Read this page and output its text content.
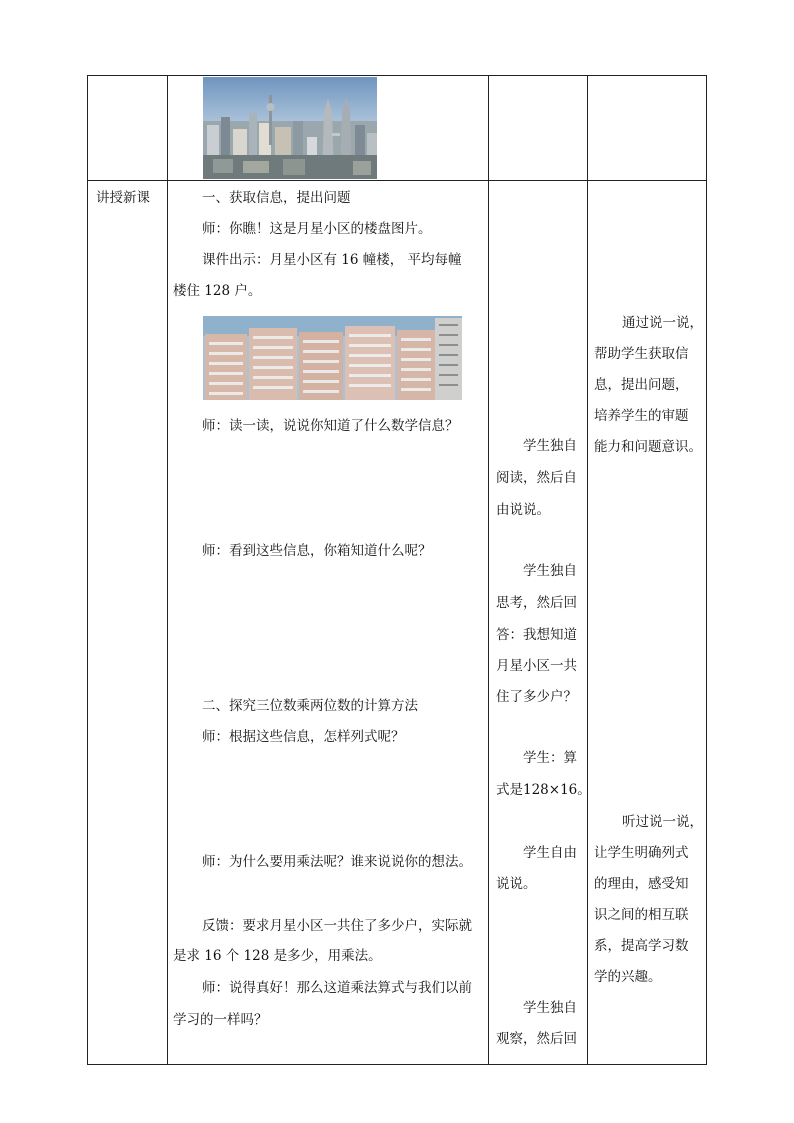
讲授新课	一、获取信息，提出问题
师：你瞧！这是月星小区的楼盘图片。
课件出示：月星小区有 16 幢楼， 平均每幢
楼住 128 户。
师：读一读，说说你知道了什么数学信息？
师：看到这些信息，你箱知道什么呢？
二、探究三位数乘两位数的计算方法
师：根据这些信息，怎样列式呢？
师：为什么要用乘法呢？谁来说说你的想法。
反馈：要求月星小区一共住了多少户，实际就
是求 16 个 128 是多少，用乘法。
师：说得真好！那么这道乘法算式与我们以前
学习的一样吗？
学生独自
阅读，然后自
由说说。
学生独自
思考，然后回
答：我想知道
月星小区一共
住了多少户？
学生：算
式是128×16。
学生自由
说说。
学生独自
观察，然后回
通过说一说，
帮助学生获取信
息，提出问题，
培养学生的审题
能力和问题意识。
听过说一说，
让学生明确列式
的理由，感受知
识之间的相互联
系，提高学习数
学的兴趣。
